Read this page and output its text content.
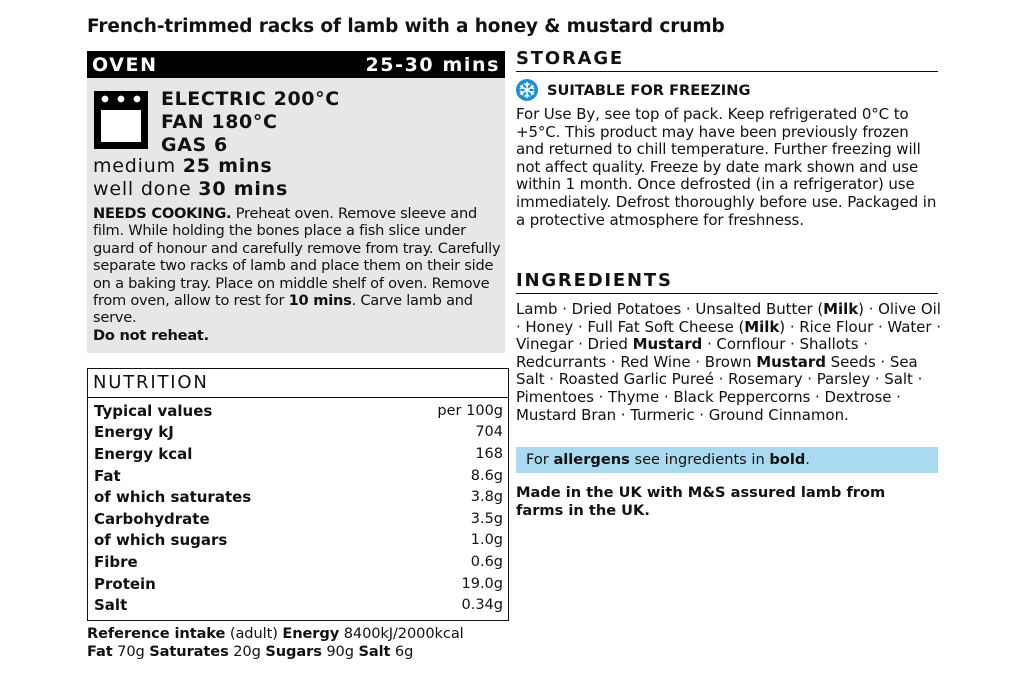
French-trimmed racks of lamb with a honey & mustard crumb
OVEN	25-30 mins
ELECTRIC 200°C
FAN 180°C
GAS 6
medium 25 mins
well done 30 mins
NEEDS COOKING. Preheat oven. Remove sleeve and film. While holding the bones place a fish slice under guard of honour and carefully remove from tray. Carefully separate two racks of lamb and place them on their side on a baking tray. Place on middle shelf of oven. Remove from oven, allow to rest for 10 mins. Carve lamb and serve.
Do not reheat.
NUTRITION
Typical values	per 100g
Energy kJ	704
Energy kcal	168
Fat	8.6g
of which saturates	3.8g
Carbohydrate	3.5g
of which sugars	1.0g
Fibre	0.6g
Protein	19.0g
Salt	0.34g
Reference intake (adult) Energy 8400kJ/2000kcal
Fat 70g Saturates 20g Sugars 90g Salt 6g
STORAGE
SUITABLE FOR FREEZING
For Use By, see top of pack. Keep refrigerated 0°C to +5°C. This product may have been previously frozen and returned to chill temperature. Further freezing will not affect quality. Freeze by date mark shown and use within 1 month. Once defrosted (in a refrigerator) use immediately. Defrost thoroughly before use. Packaged in a protective atmosphere for freshness.
INGREDIENTS
Lamb · Dried Potatoes · Unsalted Butter (Milk) · Olive Oil · Honey · Full Fat Soft Cheese (Milk) · Rice Flour · Water · Vinegar · Dried Mustard · Cornflour · Shallots · Redcurrants · Red Wine · Brown Mustard Seeds · Sea Salt · Roasted Garlic Pureé · Rosemary · Parsley · Salt · Pimentoes · Thyme · Black Peppercorns · Dextrose · Mustard Bran · Turmeric · Ground Cinnamon.
For allergens see ingredients in bold.
Made in the UK with M&S assured lamb from farms in the UK.
